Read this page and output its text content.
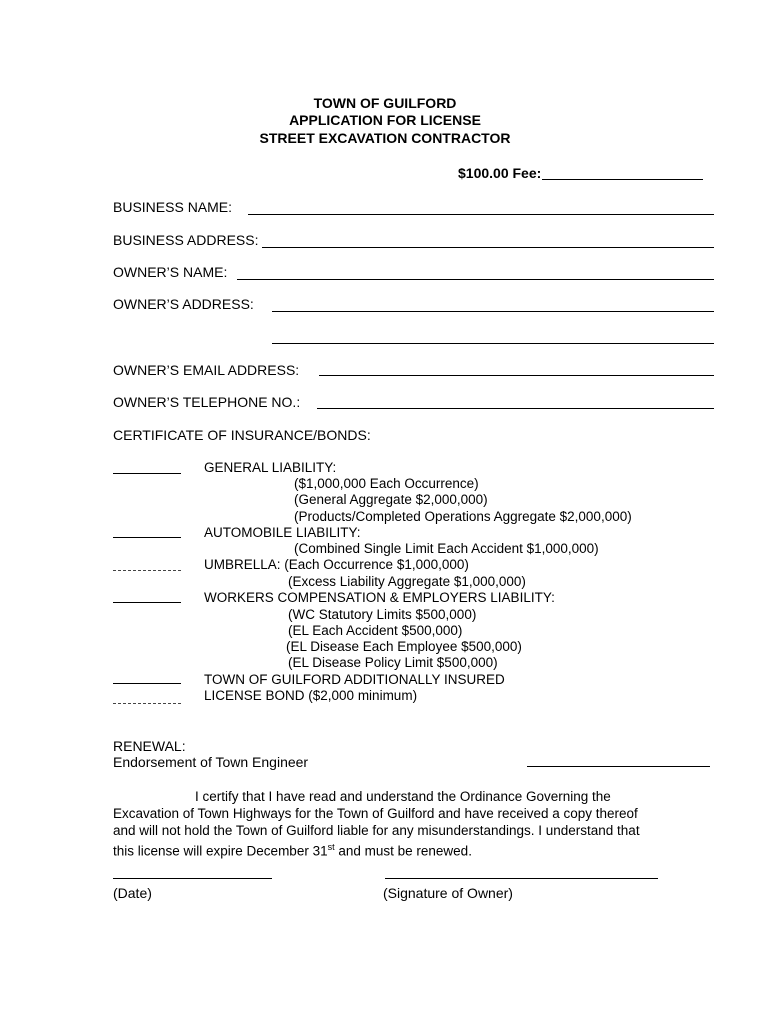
TOWN OF GUILFORD
APPLICATION FOR LICENSE
STREET EXCAVATION CONTRACTOR
$100.00 Fee:
BUSINESS NAME:
BUSINESS ADDRESS:
OWNER’S NAME:
OWNER’S ADDRESS:
OWNER’S EMAIL ADDRESS:
OWNER’S TELEPHONE NO.:
CERTIFICATE OF INSURANCE/BONDS:
GENERAL LIABILITY:
($1,000,000 Each Occurrence)
(General Aggregate $2,000,000)
(Products/Completed Operations Aggregate $2,000,000)
AUTOMOBILE LIABILITY:
(Combined Single Limit Each Accident $1,000,000)
UMBRELLA: (Each Occurrence $1,000,000)
(Excess Liability Aggregate $1,000,000)
WORKERS COMPENSATION & EMPLOYERS LIABILITY:
(WC Statutory Limits $500,000)
(EL Each Accident $500,000)
(EL Disease Each Employee $500,000)
(EL Disease Policy Limit $500,000)
TOWN OF GUILFORD ADDITIONALLY INSURED
LICENSE BOND ($2,000 minimum)
RENEWAL:
Endorsement of Town Engineer

I certify that I have read and understand the Ordinance Governing the

Excavation of Town Highways for the Town of Guilford and have received a copy thereof

and will not hold the Town of Guilford liable for any misunderstandings. I understand that

this license will expire December 31st and must be renewed.

(Date)	(Signature of Owner)
